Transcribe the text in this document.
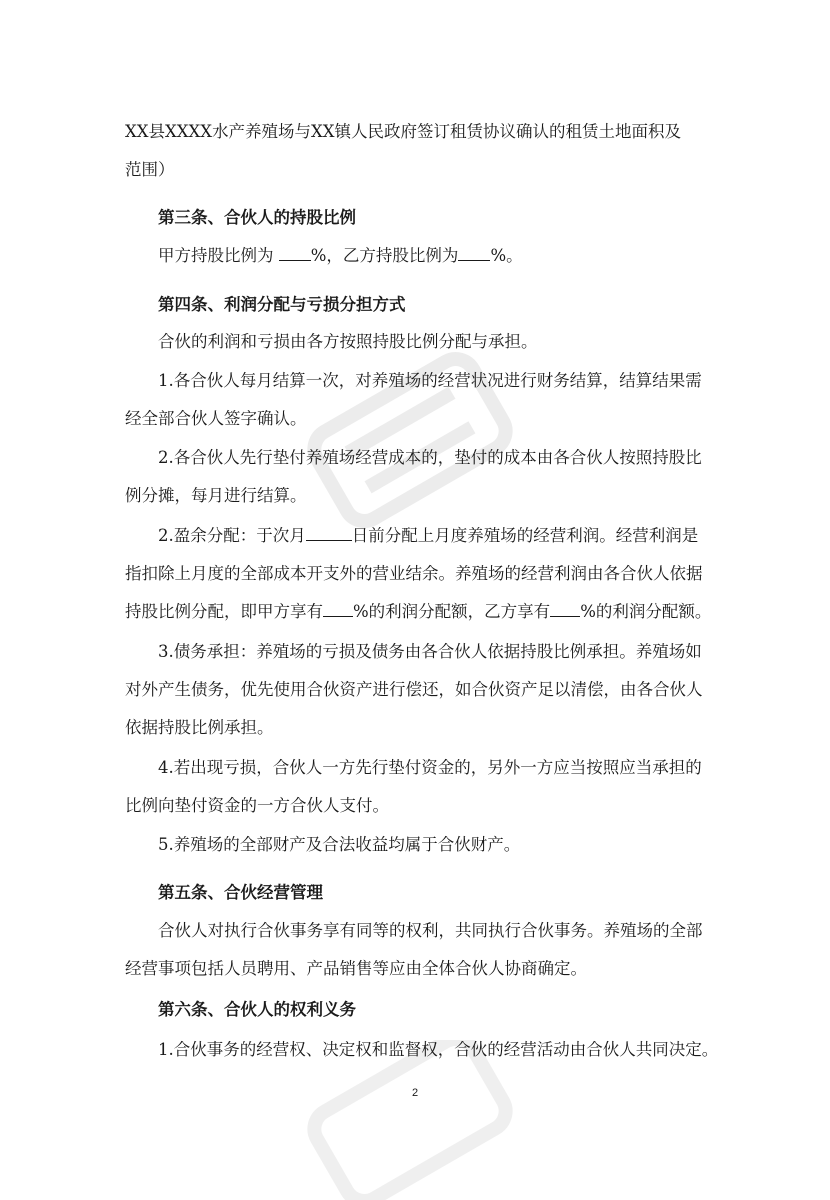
XX县XXXX水产养殖场与XX镇人民政府签订租赁协议确认的租赁土地面积及
范围）
第三条、合伙人的持股比例
甲方持股比例为 %，乙方持股比例为 %。
第四条、利润分配与亏损分担方式
合伙的利润和亏损由各方按照持股比例分配与承担。
1.各合伙人每月结算一次，对养殖场的经营状况进行财务结算，结算结果需
经全部合伙人签字确认。
2.各合伙人先行垫付养殖场经营成本的，垫付的成本由各合伙人按照持股比
例分摊，每月进行结算。
2.盈余分配：于次月	日前分配上月度养殖场的经营利润。经营利润是
指扣除上月度的全部成本开支外的营业结余。养殖场的经营利润由各合伙人依据
持股比例分配，即甲方享有 %的利润分配额，乙方享有 %的利润分配额。
3.债务承担：养殖场的亏损及债务由各合伙人依据持股比例承担。养殖场如
对外产生债务，优先使用合伙资产进行偿还，如合伙资产足以清偿，由各合伙人
依据持股比例承担。
4.若出现亏损，合伙人一方先行垫付资金的，另外一方应当按照应当承担的
比例向垫付资金的一方合伙人支付。
5.养殖场的全部财产及合法收益均属于合伙财产。
第五条、合伙经营管理
合伙人对执行合伙事务享有同等的权利，共同执行合伙事务。养殖场的全部
经营事项包括人员聘用、产品销售等应由全体合伙人协商确定。
第六条、合伙人的权利义务
1.合伙事务的经营权、决定权和监督权，合伙的经营活动由合伙人共同决定。
2
